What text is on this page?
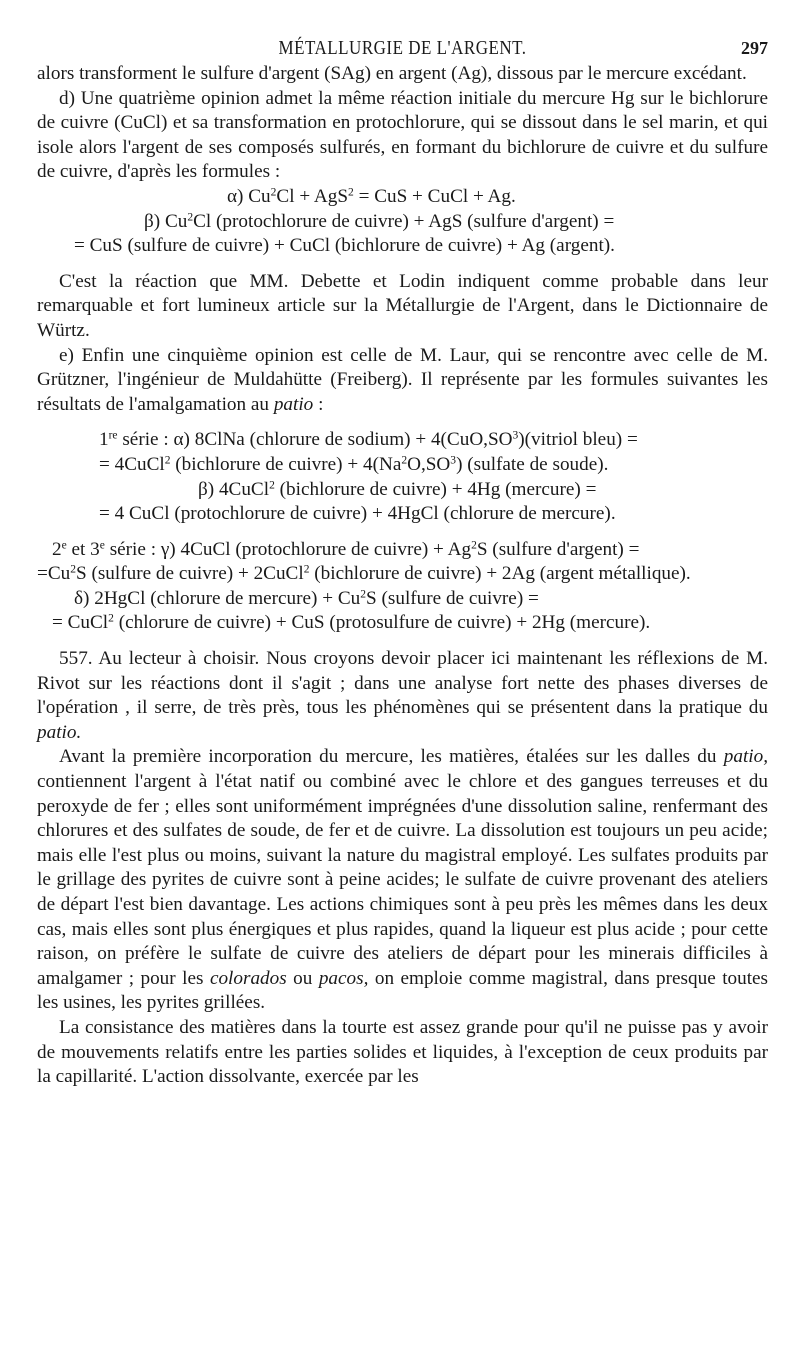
MÉTALLURGIE DE L'ARGENT.	297

alors transforment le sulfure d'argent (SAg) en argent (Ag), dissous par le mercure excédant.

d) Une quatrième opinion admet la même réaction initiale du mercure Hg sur le bichlorure de cuivre (CuCl) et sa transformation en protochlorure, qui se dissout dans le sel marin, et qui isole alors l'argent de ses composés sulfurés, en formant du bichlorure de cuivre et du sulfure de cuivre, d'après les formules :

α) $Cu^2Cl + AgS^2$ = CuS + CuCl + Ag.

β) Cu$^2$Cl (protochlorure de cuivre) + AgS (sulfure d'argent) =

= CuS (sulfure de cuivre) + CuCl (bichlorure de cuivre) + Ag (argent).

C'est la réaction que MM. Debette et Lodin indiquent comme probable dans leur remarquable et fort lumineux article sur la Métallurgie de l'Argent, dans le Dictionnaire de Würtz.

e) Enfin une cinquième opinion est celle de M. Laur, qui se rencontre avec celle de M. Grützner, l'ingénieur de Muldahütte (Freiberg). Il représente par les formules suivantes les résultats de l'amalgamation au patio :

1re série : α) 8ClNa (chlorure de sodium) + $4(CuO,SO^3)(vitriol$ bleu) =

= 4CuCl$^2$ (bichlorure de cuivre) + $4(Na^2O,SO^3)$ (sulfate de soude).

β) 4CuCl$^2$ (bichlorure de cuivre) + 4Hg (mercure) =

= 4 CuCl (protochlorure de cuivre) + 4HgCl (chlorure de mercure).

2e et 3e série : γ) 4CuCl (protochlorure de cuivre) + $Ag^2S$ (sulfure d'argent) =

$=Cu^2S$ (sulfure de cuivre) + 2CuCl$^2$ (bichlorure de cuivre) + 2Ag (argent métallique).

δ) 2HgCl (chlorure de mercure) + $Cu^2S$ (sulfure de cuivre) =

= CuCl$^2$ (chlorure de cuivre) + CuS (protosulfure de cuivre) + 2Hg (mercure).

557. Au lecteur à choisir. Nous croyons devoir placer ici maintenant les réflexions de M. Rivot sur les réactions dont il s'agit ; dans une analyse fort nette des phases diverses de l'opération , il serre, de très près, tous les phénomènes qui se présentent dans la pratique du patio.

Avant la première incorporation du mercure, les matières, étalées sur les dalles du patio, contiennent l'argent à l'état natif ou combiné avec le chlore et des gangues terreuses et du peroxyde de fer ; elles sont uniformément imprégnées d'une dissolution saline, renfermant des chlorures et des sulfates de soude, de fer et de cuivre. La dissolution est toujours un peu acide; mais elle l'est plus ou moins, suivant la nature du magistral employé. Les sulfates produits par le grillage des pyrites de cuivre sont à peine acides; le sulfate de cuivre provenant des ateliers de départ l'est bien davantage. Les actions chimiques sont à peu près les mêmes dans les deux cas, mais elles sont plus énergiques et plus rapides, quand la liqueur est plus acide ; pour cette raison, on préfère le sulfate de cuivre des ateliers de départ pour les minerais difficiles à amalgamer ; pour les colorados ou pacos, on emploie comme magistral, dans presque toutes les usines, les pyrites grillées.

La consistance des matières dans la tourte est assez grande pour qu'il ne puisse pas y avoir de mouvements relatifs entre les parties solides et liquides, à l'exception de ceux produits par la capillarité. L'action dissolvante, exercée par les
